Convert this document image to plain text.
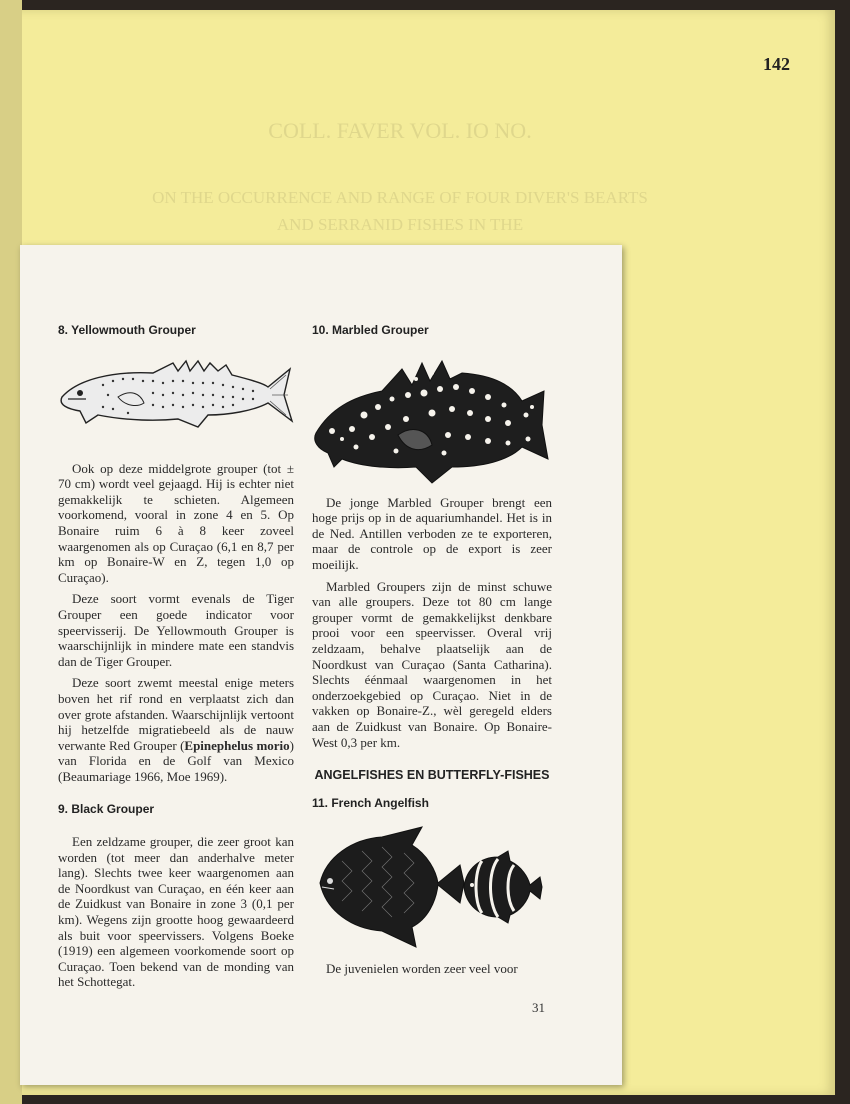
COLL. FAVER VOL. IO NO.
ON THE OCCURRENCE AND RANGE OF FOUR DIVER'S BEARTS
AND SERRANID FISHES IN THE
142
8. Yellowmouth Grouper

Ook op deze middelgrote grouper (tot ± 70 cm) wordt veel gejaagd. Hij is echter niet gemakkelijk te schieten. Algemeen voorkomend, vooral in zone 4 en 5. Op Bonaire ruim 6 à 8 keer zoveel waargenomen als op Curaçao (6,1 en 8,7 per km op Bonaire-W en Z, tegen 1,0 op Curaçao).

Deze soort vormt evenals de Tiger Grouper een goede indicator voor speervisserij. De Yellowmouth Grouper is waarschijnlijk in mindere mate een standvis dan de Tiger Grouper.

Deze soort zwemt meestal enige meters boven het rif rond en verplaatst zich dan over grote afstanden. Waarschijnlijk vertoont hij hetzelfde migratiebeeld als de nauw verwante Red Grouper (Epinephelus morio) van Florida en de Golf van Mexico (Beaumariage 1966, Moe 1969).

9. Black Grouper

Een zeldzame grouper, die zeer groot kan worden (tot meer dan anderhalve meter lang). Slechts twee keer waargenomen aan de Noordkust van Curaçao, en één keer aan de Zuidkust van Bonaire in zone 3 (0,1 per km). Wegens zijn grootte hoog gewaardeerd als buit voor speervissers. Volgens Boeke (1919) een algemeen voorkomende soort op Curaçao. Toen bekend van de monding van het Schottegat.

10. Marbled Grouper

De jonge Marbled Grouper brengt een hoge prijs op in de aquariumhandel. Het is in de Ned. Antillen verboden ze te exporteren, maar de controle op de export is zeer moeilijk.

Marbled Groupers zijn de minst schuwe van alle groupers. Deze tot 80 cm lange grouper vormt de gemakkelijkst denkbare prooi voor een speervisser. Overal vrij zeldzaam, behalve plaatselijk aan de Noordkust van Curaçao (Santa Catharina). Slechts éénmaal waargenomen in het onderzoekgebied op Curaçao. Niet in de vakken op Bonaire-Z., wèl geregeld elders aan de Zuidkust van Bonaire. Op Bonaire-West 0,3 per km.

ANGELFISHES EN BUTTERFLY-FISHES
11. French Angelfish

De juvenielen worden zeer veel voor

31
